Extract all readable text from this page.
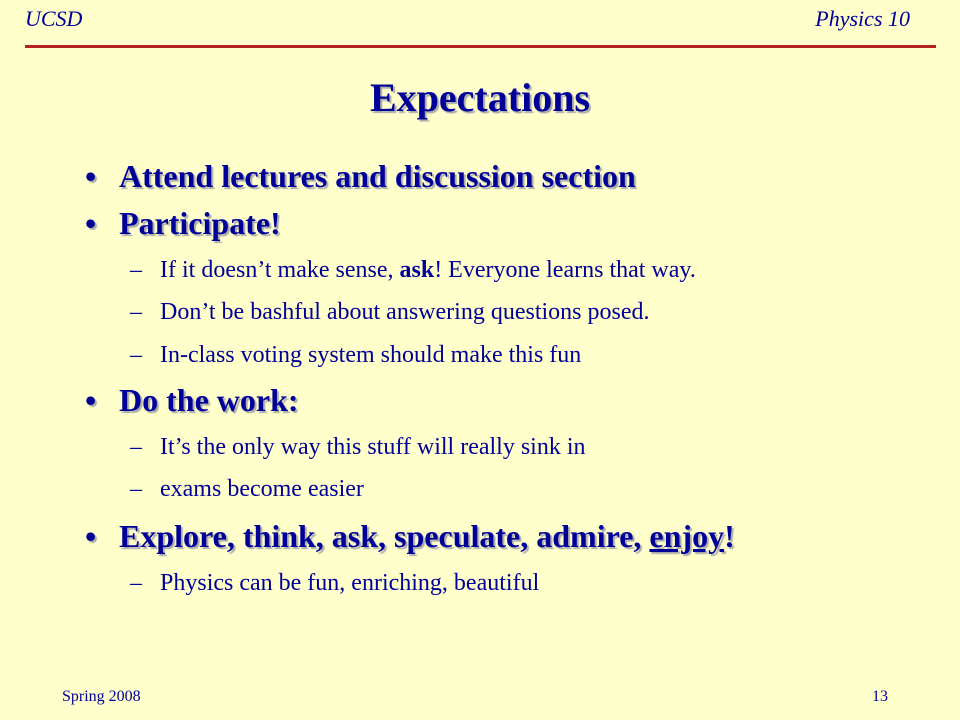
UCSD	Physics 10
Expectations
• Attend lectures and discussion section
• Participate!
– If it doesn’t make sense, ask! Everyone learns that way.
– Don’t be bashful about answering questions posed.
– In-class voting system should make this fun
• Do the work:
– It’s the only way this stuff will really sink in
– exams become easier
• Explore, think, ask, speculate, admire, enjoy!
– Physics can be fun, enriching, beautiful
Spring 2008	13
